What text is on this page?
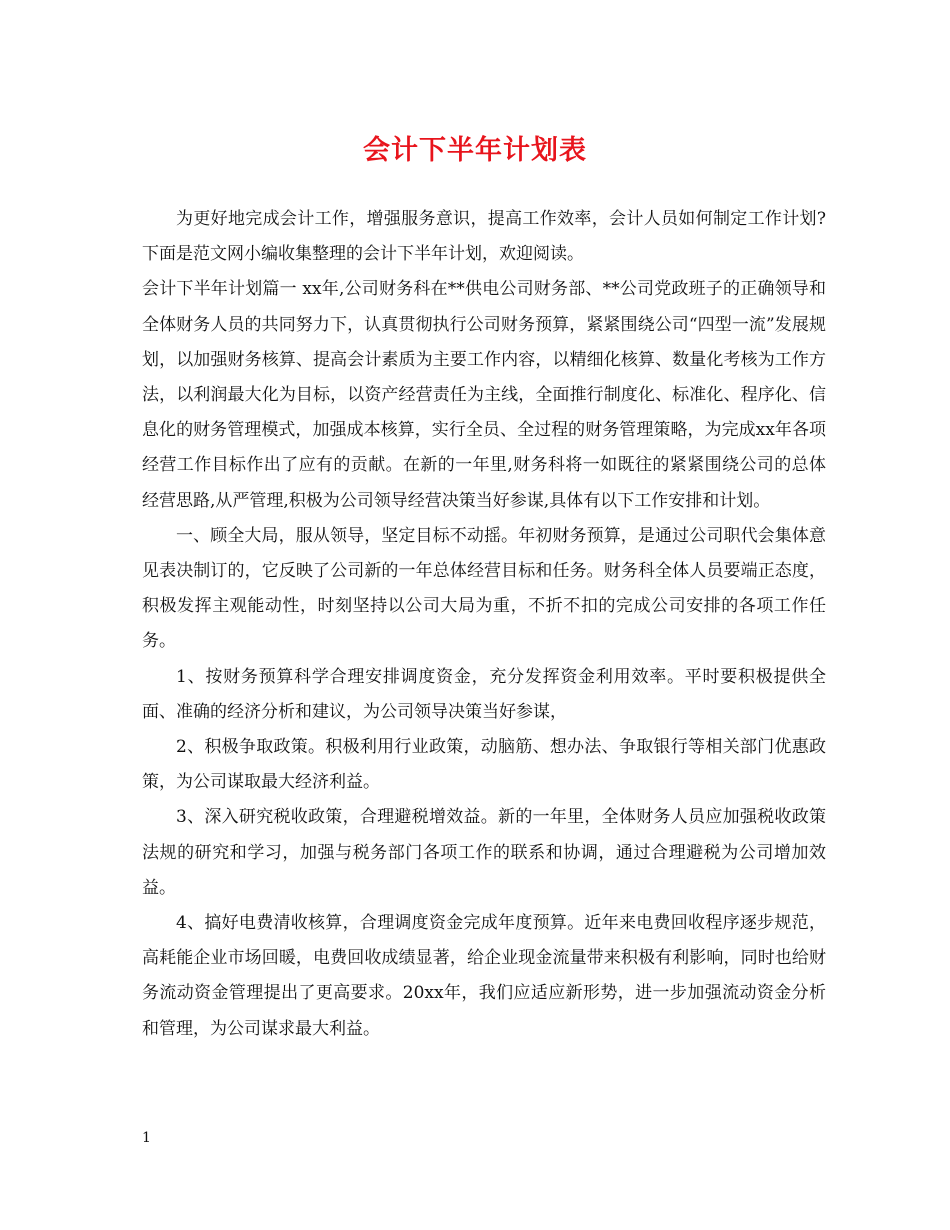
会计下半年计划表

为更好地完成会计工作，增强服务意识，提高工作效率，会计人员如何制定工作计划?下面是范文网小编收集整理的会计下半年计划，欢迎阅读。

会计下半年计划篇一 xx年,公司财务科在**供电公司财务部、**公司党政班子的正确领导和全体财务人员的共同努力下，认真贯彻执行公司财务预算，紧紧围绕公司“四型一流”发展规划，以加强财务核算、提高会计素质为主要工作内容，以精细化核算、数量化考核为工作方法，以利润最大化为目标，以资产经营责任为主线，全面推行制度化、标准化、程序化、信息化的财务管理模式，加强成本核算，实行全员、全过程的财务管理策略，为完成xx年各项经营工作目标作出了应有的贡献。在新的一年里,财务科将一如既往的紧紧围绕公司的总体经营思路,从严管理,积极为公司领导经营决策当好参谋,具体有以下工作安排和计划。

一、顾全大局，服从领导，坚定目标不动摇。年初财务预算，是通过公司职代会集体意见表决制订的，它反映了公司新的一年总体经营目标和任务。财务科全体人员要端正态度，积极发挥主观能动性，时刻坚持以公司大局为重，不折不扣的完成公司安排的各项工作任务。

1、按财务预算科学合理安排调度资金，充分发挥资金利用效率。平时要积极提供全面、准确的经济分析和建议，为公司领导决策当好参谋，

2、积极争取政策。积极利用行业政策，动脑筋、想办法、争取银行等相关部门优惠政策，为公司谋取最大经济利益。

3、深入研究税收政策，合理避税增效益。新的一年里，全体财务人员应加强税收政策法规的研究和学习，加强与税务部门各项工作的联系和协调，通过合理避税为公司增加效益。

4、搞好电费清收核算，合理调度资金完成年度预算。近年来电费回收程序逐步规范，高耗能企业市场回暖，电费回收成绩显著，给企业现金流量带来积极有利影响，同时也给财务流动资金管理提出了更高要求。20xx年，我们应适应新形势，进一步加强流动资金分析和管理，为公司谋求最大利益。

1
